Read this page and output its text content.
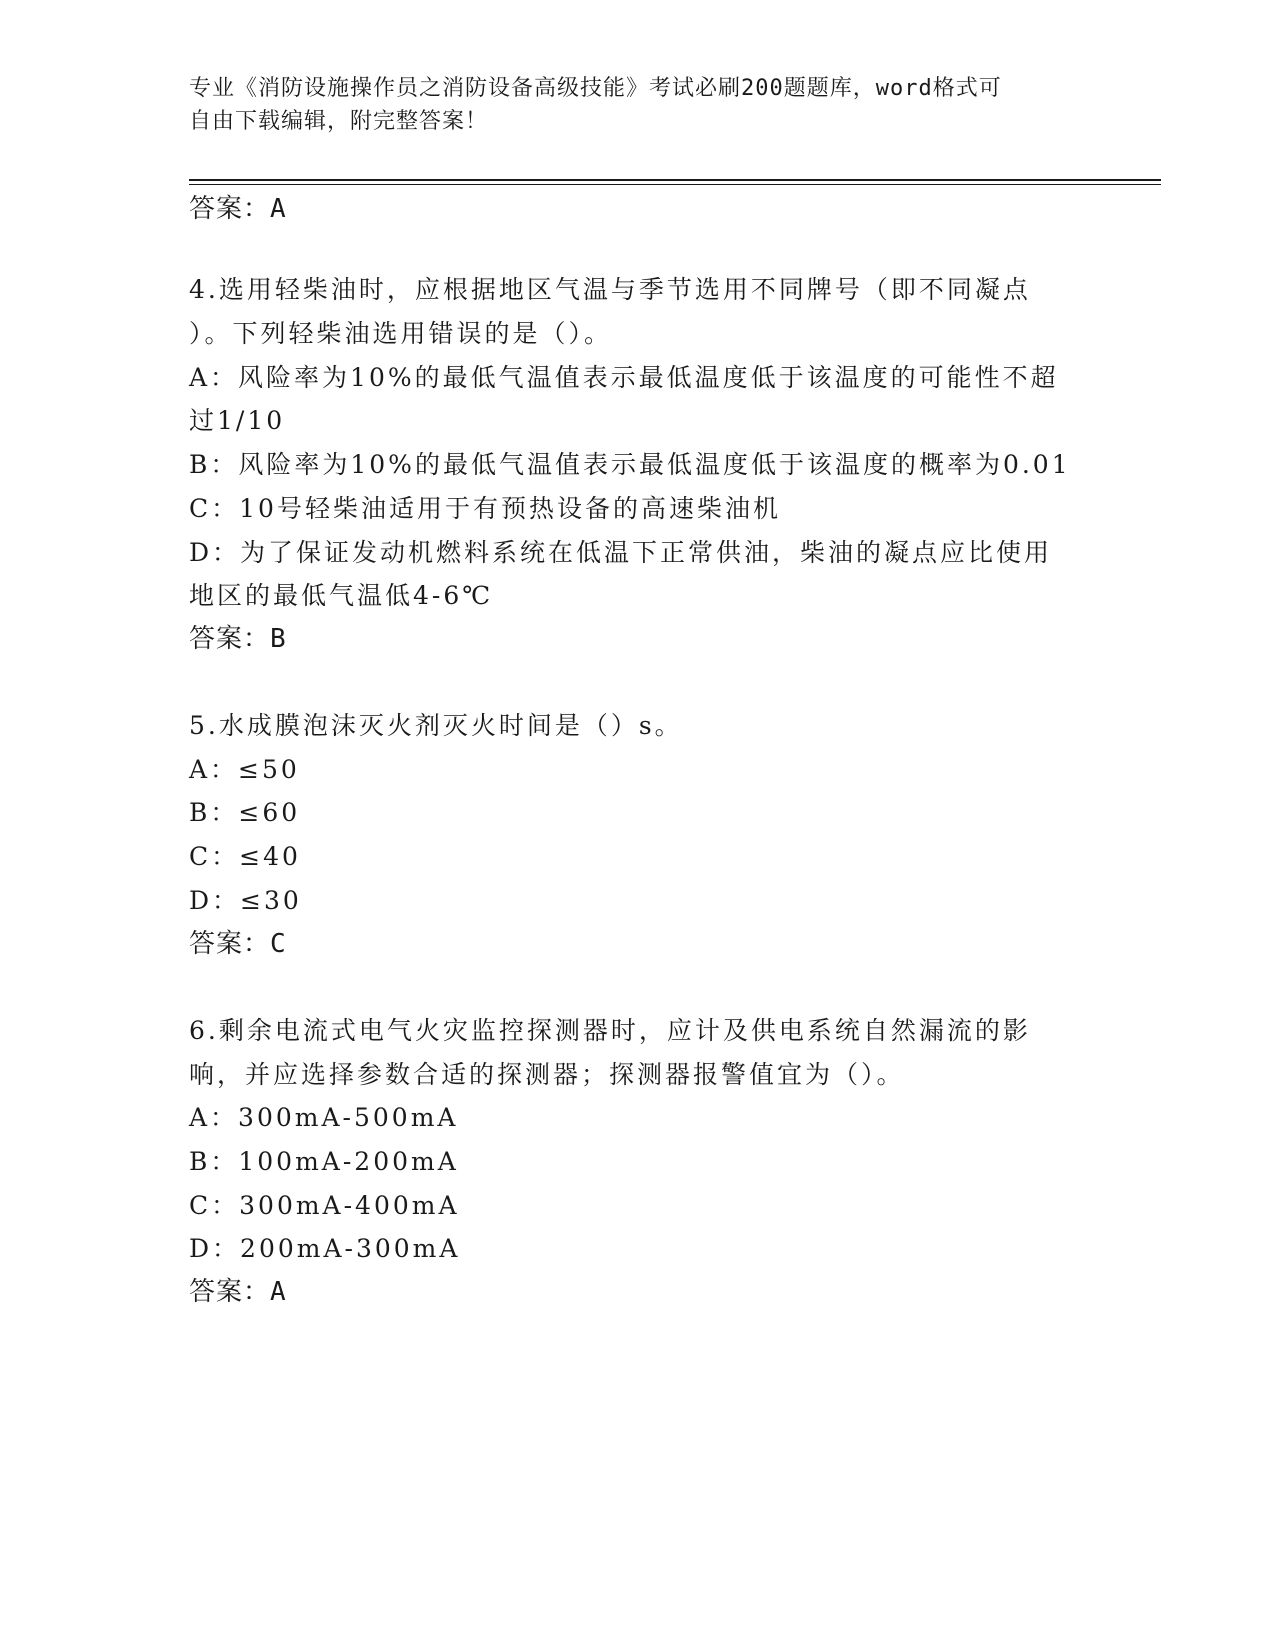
专业《消防设施操作员之消防设备高级技能》考试必刷200题题库，word格式可
自由下载编辑，附完整答案！
答案：A
4.选用轻柴油时，应根据地区气温与季节选用不同牌号（即不同凝点
）。下列轻柴油选用错误的是（）。
A：风险率为10%的最低气温值表示最低温度低于该温度的可能性不超
过1/10
B：风险率为10%的最低气温值表示最低温度低于该温度的概率为0.01
C：10号轻柴油适用于有预热设备的高速柴油机
D：为了保证发动机燃料系统在低温下正常供油，柴油的凝点应比使用
地区的最低气温低4-6℃
答案：B
5.水成膜泡沫灭火剂灭火时间是（）s。
A：≤50
B：≤60
C：≤40
D：≤30
答案：C
6.剩余电流式电气火灾监控探测器时，应计及供电系统自然漏流的影
响，并应选择参数合适的探测器；探测器报警值宜为（）。
A：300mA-500mA
B：100mA-200mA
C：300mA-400mA
D：200mA-300mA
答案：A
